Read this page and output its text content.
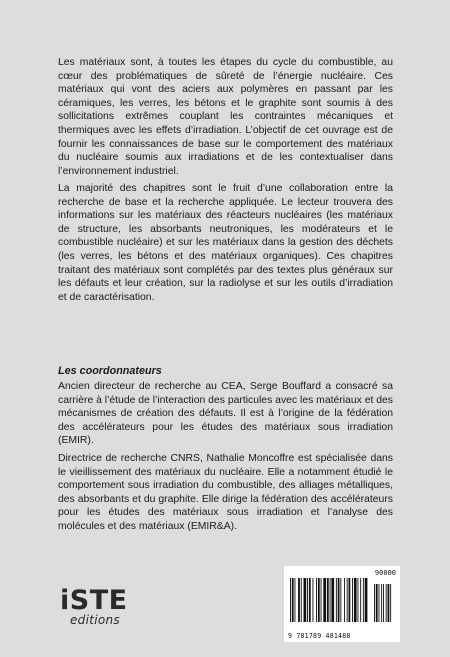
Les matériaux sont, à toutes les étapes du cycle du combustible, au cœur des problématiques de sûreté de l’énergie nucléaire. Ces matériaux qui vont des aciers aux polymères en passant par les céramiques, les verres, les bétons et le graphite sont soumis à des sollicitations extrêmes couplant les contraintes mécaniques et thermiques avec les effets d’irradiation. L’objectif de cet ouvrage est de fournir les connaissances de base sur le comportement des matériaux du nucléaire soumis aux irradiations et de les contextualiser dans l’environnement industriel.

La majorité des chapitres sont le fruit d’une collaboration entre la recherche de base et la recherche appliquée. Le lecteur trouvera des informations sur les matériaux des réacteurs nucléaires (les matériaux de structure, les absorbants neutroniques, les modérateurs et le combustible nucléaire) et sur les matériaux dans la gestion des déchets (les verres, les bétons et des matériaux organiques). Ces chapitres traitant des matériaux sont complétés par des textes plus généraux sur les défauts et leur création, sur la radiolyse et sur les outils d’irradiation et de caractérisation.

Les coordonnateurs

Ancien directeur de recherche au CEA, Serge Bouffard a consacré sa carrière à l’étude de l’interaction des particules avec les matériaux et des mécanismes de création des défauts. Il est à l’origine de la fédération des accélérateurs pour les études des matériaux sous irradiation (EMIR).

Directrice de recherche CNRS, Nathalie Moncoffre est spécialisée dans le vieillissement des matériaux du nucléaire. Elle a notamment étudié le comportement sous irradiation du combustible, des alliages métalliques, des absorbants et du graphite. Elle dirige la fédération des accélérateurs pour les études des matériaux sous irradiation et l’analyse des molécules et des matériaux (EMIR&A).

iSTE
editions
90000
9 781789 481488
